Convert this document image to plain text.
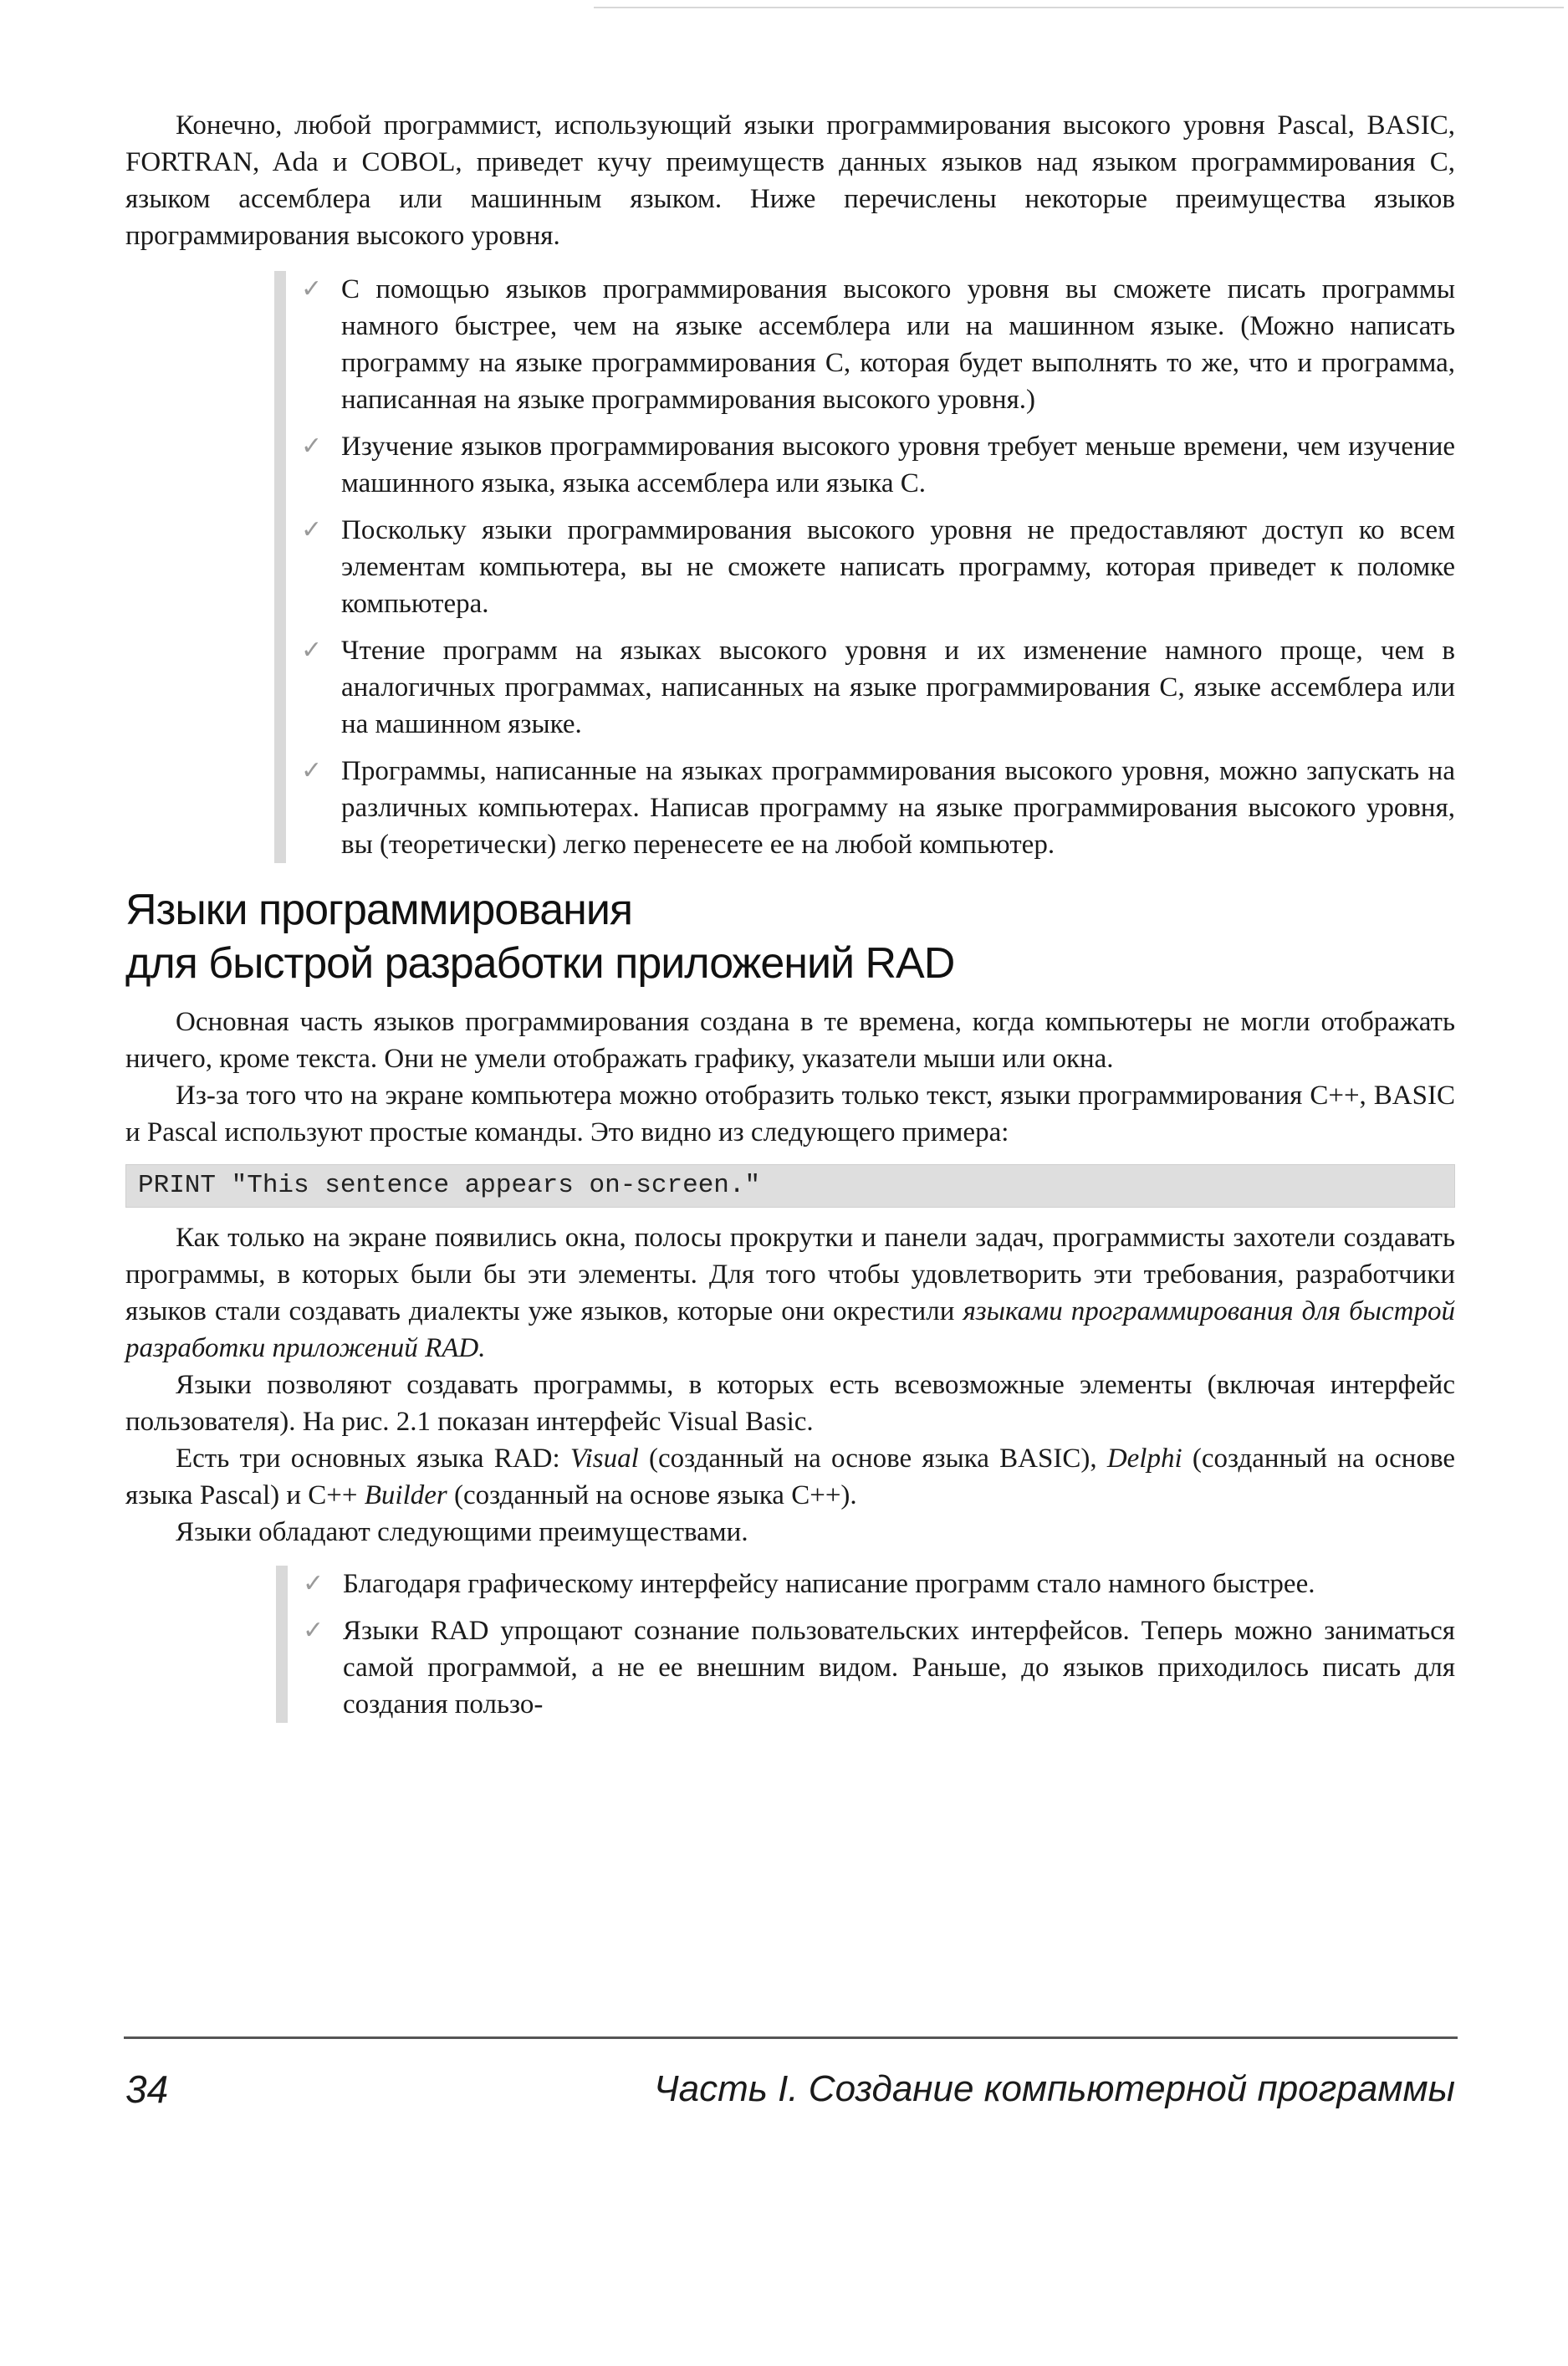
Конечно, любой программист, использующий языки программирования высокого уровня Pascal, BASIC, FORTRAN, Ada и COBOL, приведет кучу преимуществ данных языков над языком программирования С, языком ассемблера или машинным языком. Ниже перечислены некоторые преимущества языков программирования высокого уровня.

✓ С помощью языков программирования высокого уровня вы сможете писать программы намного быстрее, чем на языке ассемблера или на машинном языке. (Можно написать программу на языке программирования С, которая будет выполнять то же, что и программа, написанная на языке программирования высокого уровня.)

✓ Изучение языков программирования высокого уровня требует меньше времени, чем изучение машинного языка, языка ассемблера или языка С.

✓ Поскольку языки программирования высокого уровня не предоставляют доступ ко всем элементам компьютера, вы не сможете написать программу, которая приведет к поломке компьютера.

✓ Чтение программ на языках высокого уровня и их изменение намного проще, чем в аналогичных программах, написанных на языке программирования С, языке ассемблера или на машинном языке.

✓ Программы, написанные на языках программирования высокого уровня, можно запускать на различных компьютерах. Написав программу на языке программирования высокого уровня, вы (теоретически) легко перенесете ее на любой компьютер.

Языки программирования
для быстрой разработки приложений RAD

Основная часть языков программирования создана в те времена, когда компьютеры не могли отображать ничего, кроме текста. Они не умели отображать графику, указатели мыши или окна.

Из-за того что на экране компьютера можно отобразить только текст, языки программирования С++, BASIC и Pascal используют простые команды. Это видно из следующего примера:

PRINT "This sentence appears on-screen."

Как только на экране появились окна, полосы прокрутки и панели задач, программисты захотели создавать программы, в которых были бы эти элементы. Для того чтобы удовлетворить эти требования, разработчики языков стали создавать диалекты уже языков, которые они окрестили языками программирования для быстрой разработки приложений RAD.

Языки позволяют создавать программы, в которых есть всевозможные элементы (включая интерфейс пользователя). На рис. 2.1 показан интерфейс Visual Basic.

Есть три основных языка RAD: Visual (созданный на основе языка BASIC), Delphi (созданный на основе языка Pascal) и С++ Builder (созданный на основе языка С++).

Языки обладают следующими преимуществами.

✓ Благодаря графическому интерфейсу написание программ стало намного быстрее.

✓ Языки RAD упрощают сознание пользовательских интерфейсов. Теперь можно заниматься самой программой, а не ее внешним видом. Раньше, до языков приходилось писать для создания пользо-

34	Часть I. Создание компьютерной программы
